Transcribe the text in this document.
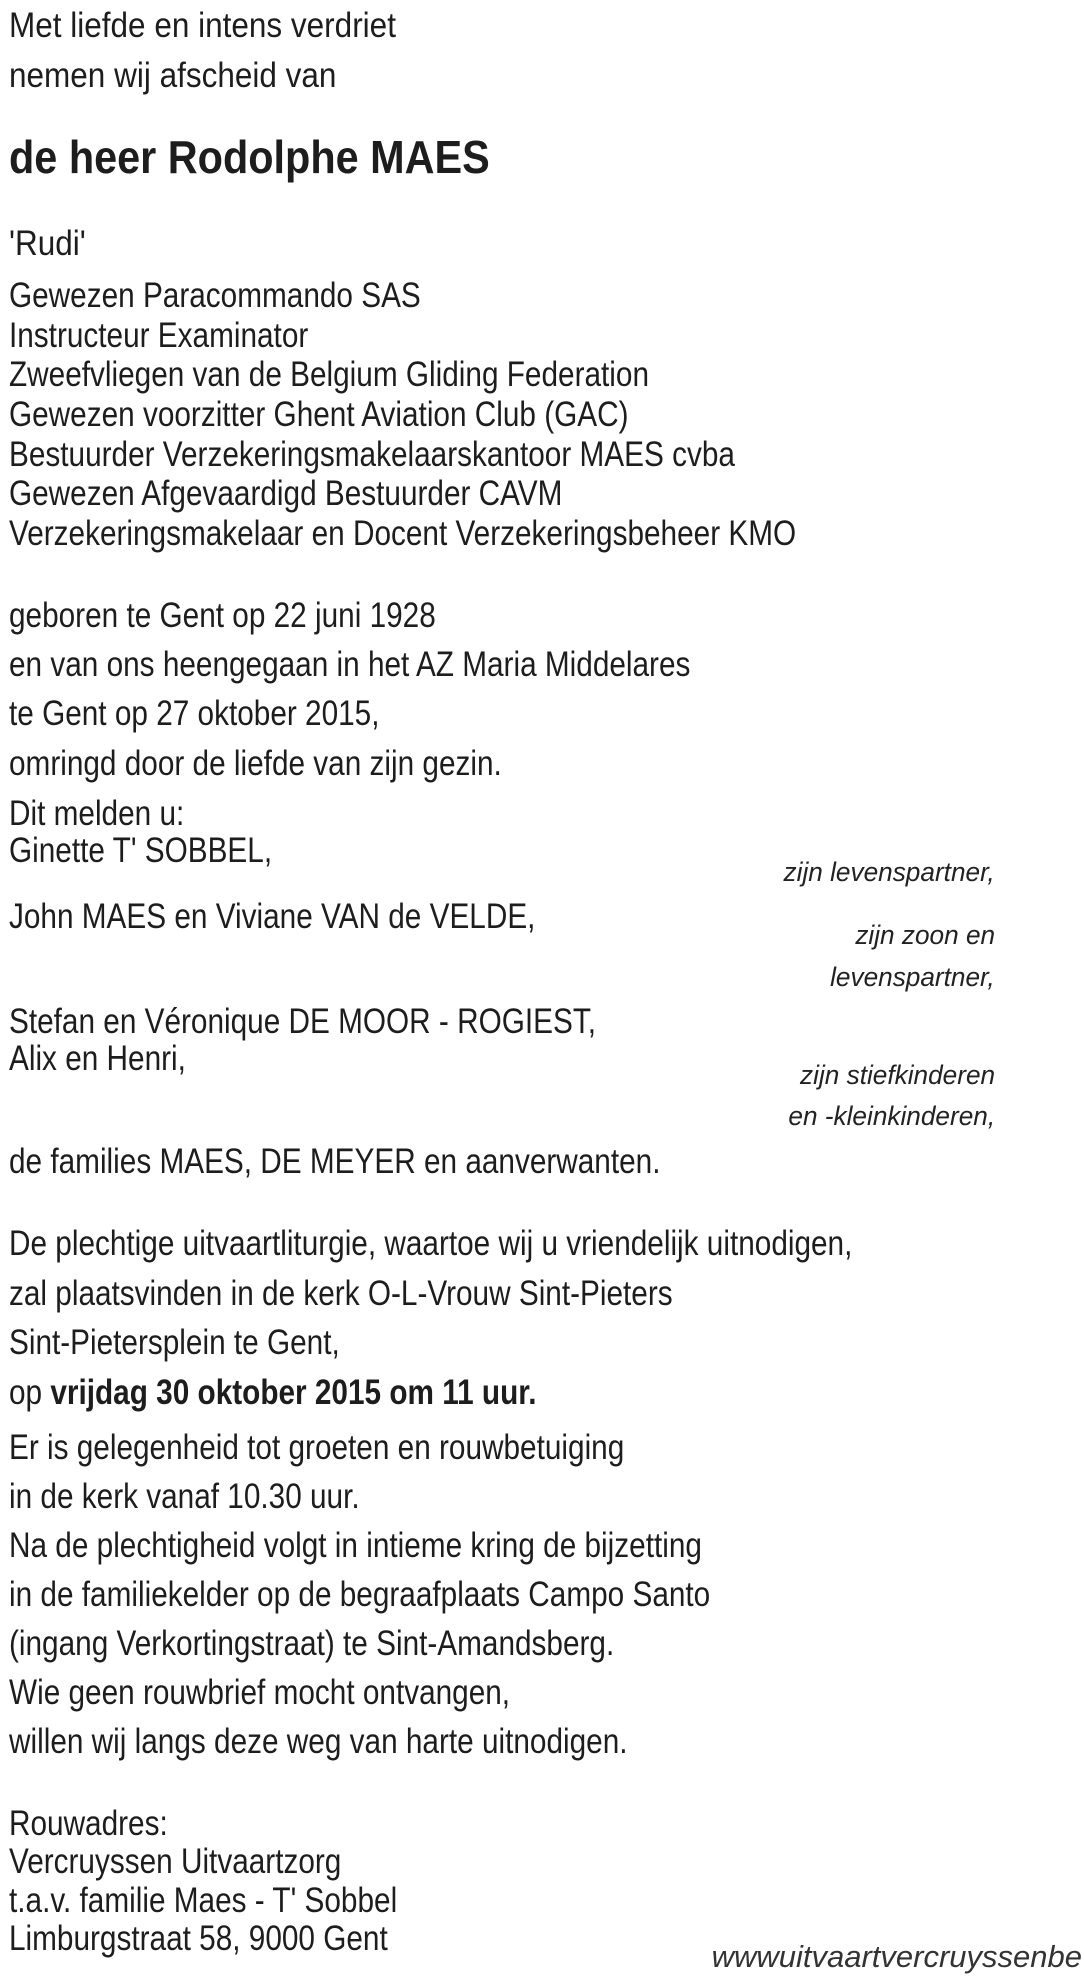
Met liefde en intens verdriet
nemen wij afscheid van
de heer Rodolphe MAES
'Rudi'
Gewezen Paracommando SAS
Instructeur Examinator
Zweefvliegen van de Belgium Gliding Federation
Gewezen voorzitter Ghent Aviation Club (GAC)
Bestuurder Verzekeringsmakelaarskantoor MAES cvba
Gewezen Afgevaardigd Bestuurder CAVM
Verzekeringsmakelaar en Docent Verzekeringsbeheer KMO
geboren te Gent op 22 juni 1928
en van ons heengegaan in het AZ Maria Middelares
te Gent op 27 oktober 2015,
omringd door de liefde van zijn gezin.
Dit melden u:
Ginette T' SOBBEL,
zijn levenspartner,
John MAES en Viviane VAN de VELDE,	zijn zoon en
levenspartner,
Stefan en Véronique DE MOOR - ROGIEST,
Alix en Henri,	zijn stiefkinderen
en -kleinkinderen,
de families MAES, DE MEYER en aanverwanten.
De plechtige uitvaartliturgie, waartoe wij u vriendelijk uitnodigen,
zal plaatsvinden in de kerk O-L-Vrouw Sint-Pieters
Sint-Pietersplein te Gent,
op vrijdag 30 oktober 2015 om 11 uur.
Er is gelegenheid tot groeten en rouwbetuiging
in de kerk vanaf 10.30 uur.
Na de plechtigheid volgt in intieme kring de bijzetting
in de familiekelder op de begraafplaats Campo Santo
(ingang Verkortingstraat) te Sint-Amandsberg.
Wie geen rouwbrief mocht ontvangen,
willen wij langs deze weg van harte uitnodigen.
Rouwadres:
Vercruyssen Uitvaartzorg
t.a.v. familie Maes - T' Sobbel
Limburgstraat 58, 9000 Gent	wwwuitvaartvercruyssenbe
